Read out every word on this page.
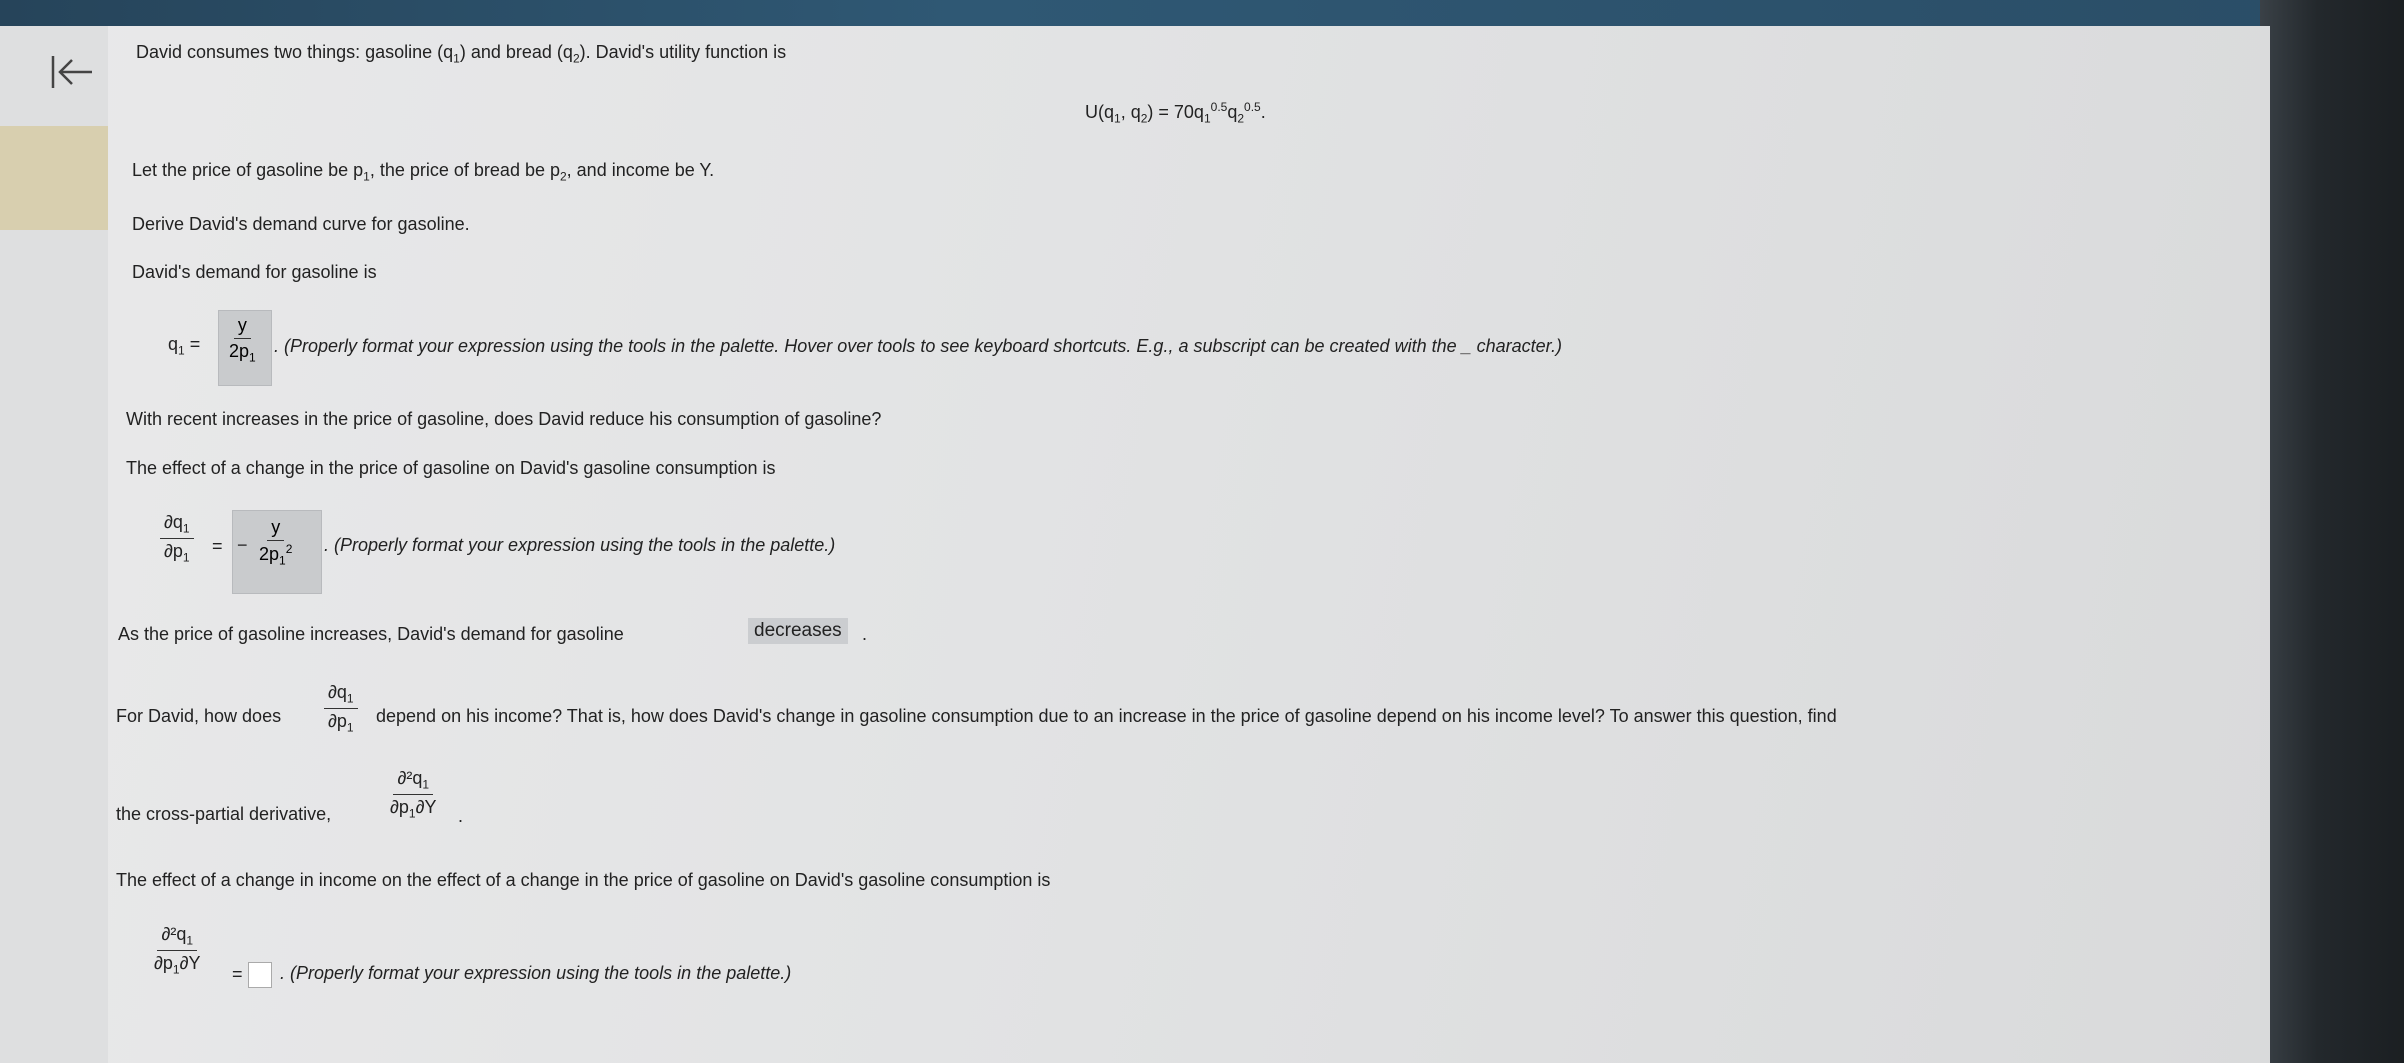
David consumes two things: gasoline $(q_1)$ and bread $(q_2)$. David's utility function is
$U(q_1$, $q_2) = 70q_1^{0.5}q_2^{0.5}$.
Let the price of gasoline be $p_1$, the price of bread be $p_2$, and income be Y.
Derive David's demand curve for gasoline.
David's demand for gasoline is
$q_1 = \frac{y}{2p_1}$ . (Properly format your expression using the tools in the palette. Hover over tools to see keyboard shortcuts. E.g., a subscript can be created with the _ character.)
With recent increases in the price of gasoline, does David reduce his consumption of gasoline?
The effect of a change in the price of gasoline on David's gasoline consumption is
$\frac{\partial q_1}{\partial p_1}$ = − $\frac{y}{2p_1^2}$ . (Properly format your expression using the tools in the palette.)
As the price of gasoline increases, David's demand for gasoline	decreases	.
For David, how does $\frac{\partial q_1}{\partial p_1}$ depend on his income? That is, how does David's change in gasoline consumption due to an increase in the price of gasoline depend on his income level? To answer this question, find
the cross-partial derivative,	$\frac{\partial^2q_1}{\partial p_1\partial Y}$ .
The effect of a change in income on the effect of a change in the price of gasoline on David's gasoline consumption is
$\frac{\partial^2q_1}{\partial p_1\partial Y}$ =	. (Properly format your expression using the tools in the palette.)
